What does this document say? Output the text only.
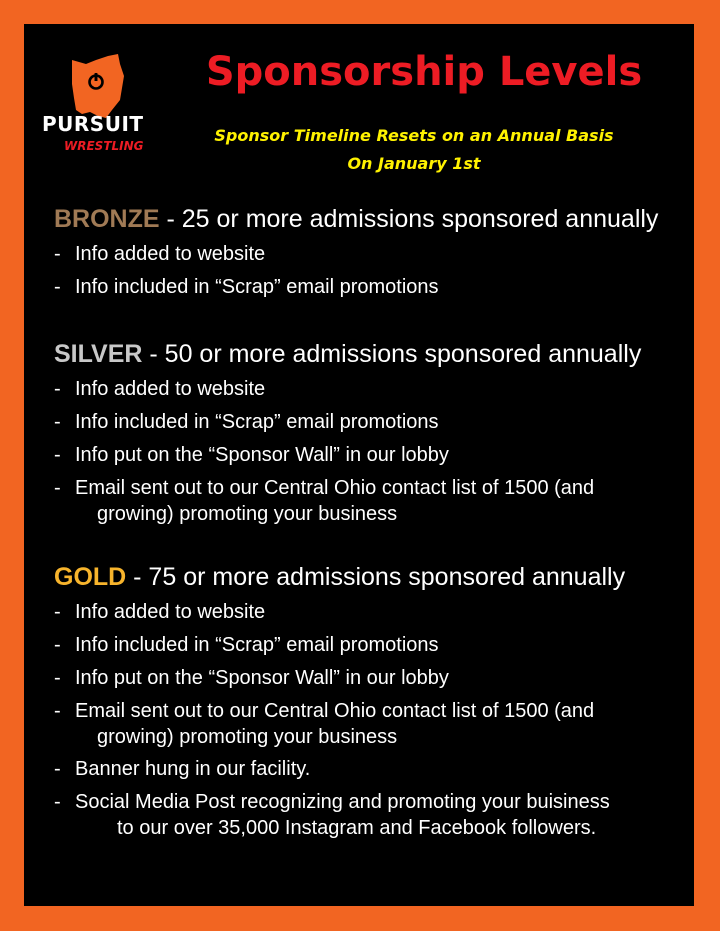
PURSUIT
WRESTLING
Sponsorship Levels
Sponsor Timeline Resets on an Annual Basis
On January 1st
BRONZE - 25 or more admissions sponsored annually
- Info added to website
- Info included in “Scrap” email promotions
SILVER - 50 or more admissions sponsored annually
- Info added to website
- Info included in “Scrap” email promotions
- Info put on the “Sponsor Wall” in our lobby
- Email sent out to our Central Ohio contact list of 1500 (and
growing) promoting your business
GOLD - 75 or more admissions sponsored annually
- Info added to website
- Info included in “Scrap” email promotions
- Info put on the “Sponsor Wall” in our lobby
- Email sent out to our Central Ohio contact list of 1500 (and
growing) promoting your business
- Banner hung in our facility.
- Social Media Post recognizing and promoting your buisiness
to our over 35,000 Instagram and Facebook followers.
